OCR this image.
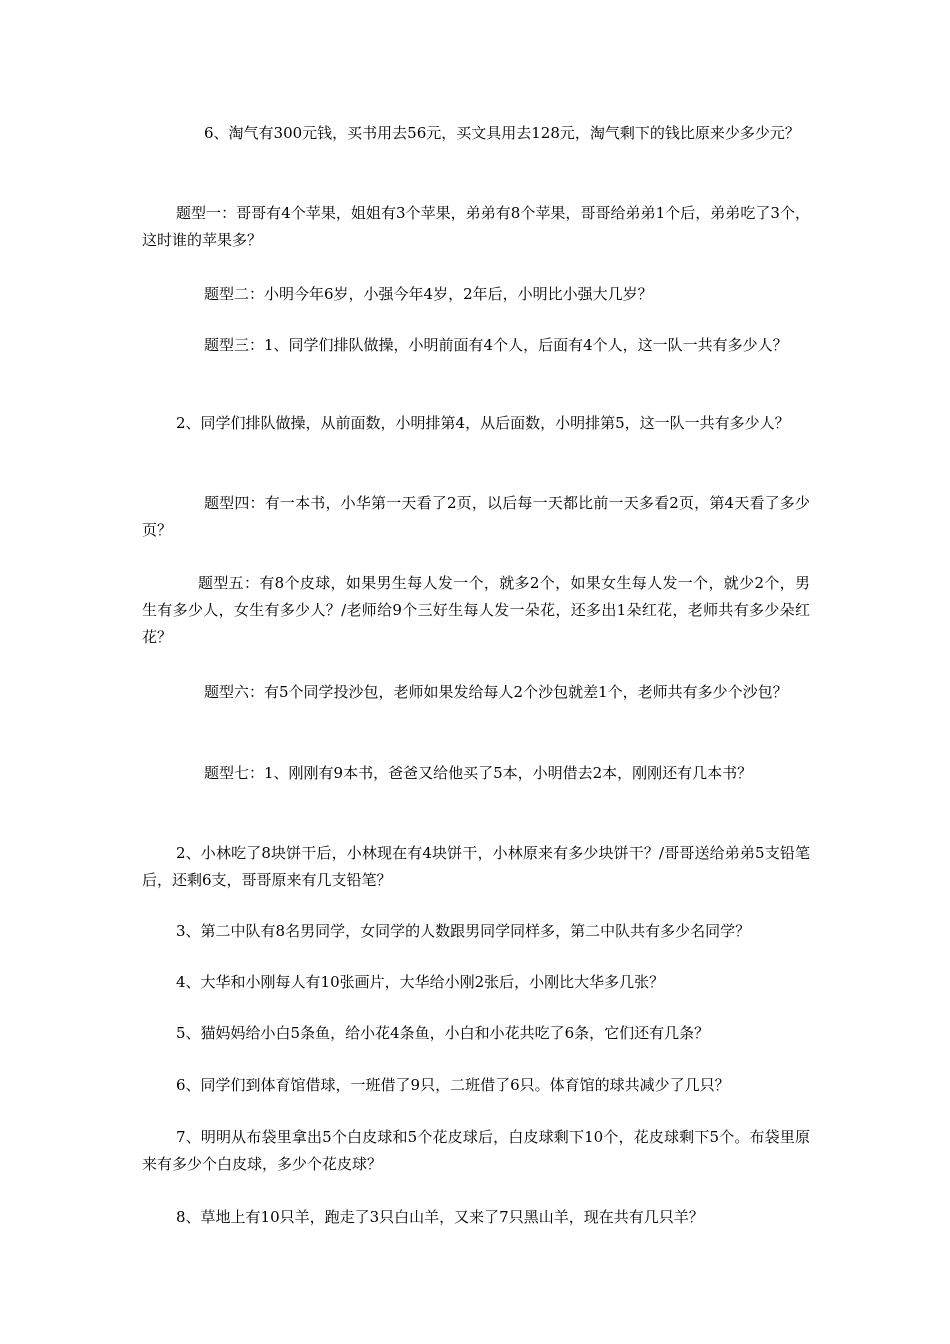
6、淘气有300元钱，买书用去56元，买文具用去128元，淘气剩下的钱比原来少多少元？

题型一：哥哥有4个苹果，姐姐有3个苹果，弟弟有8个苹果，哥哥给弟弟1个后，弟弟吃了3个，这时谁的苹果多？

题型二：小明今年6岁，小强今年4岁，2年后，小明比小强大几岁？

题型三：1、同学们排队做操，小明前面有4个人，后面有4个人，这一队一共有多少人？

2、同学们排队做操，从前面数，小明排第4，从后面数，小明排第5，这一队一共有多少人？

题型四：有一本书，小华第一天看了2页，以后每一天都比前一天多看2页，第4天看了多少页？

题型五：有8个皮球，如果男生每人发一个，就多2个，如果女生每人发一个，就少2个，男生有多少人，女生有多少人？/老师给9个三好生每人发一朵花，还多出1朵红花，老师共有多少朵红花？

题型六：有5个同学投沙包，老师如果发给每人2个沙包就差1个，老师共有多少个沙包？

题型七：1、刚刚有9本书，爸爸又给他买了5本，小明借去2本，刚刚还有几本书？

2、小林吃了8块饼干后，小林现在有4块饼干，小林原来有多少块饼干？/哥哥送给弟弟5支铅笔后，还剩6支，哥哥原来有几支铅笔？

3、第二中队有8名男同学，女同学的人数跟男同学同样多，第二中队共有多少名同学？

4、大华和小刚每人有10张画片，大华给小刚2张后，小刚比大华多几张？

5、猫妈妈给小白5条鱼，给小花4条鱼，小白和小花共吃了6条，它们还有几条？

6、同学们到体育馆借球，一班借了9只，二班借了6只。体育馆的球共减少了几只？

7、明明从布袋里拿出5个白皮球和5个花皮球后，白皮球剩下10个，花皮球剩下5个。布袋里原来有多少个白皮球，多少个花皮球？

8、草地上有10只羊，跑走了3只白山羊，又来了7只黑山羊，现在共有几只羊？
